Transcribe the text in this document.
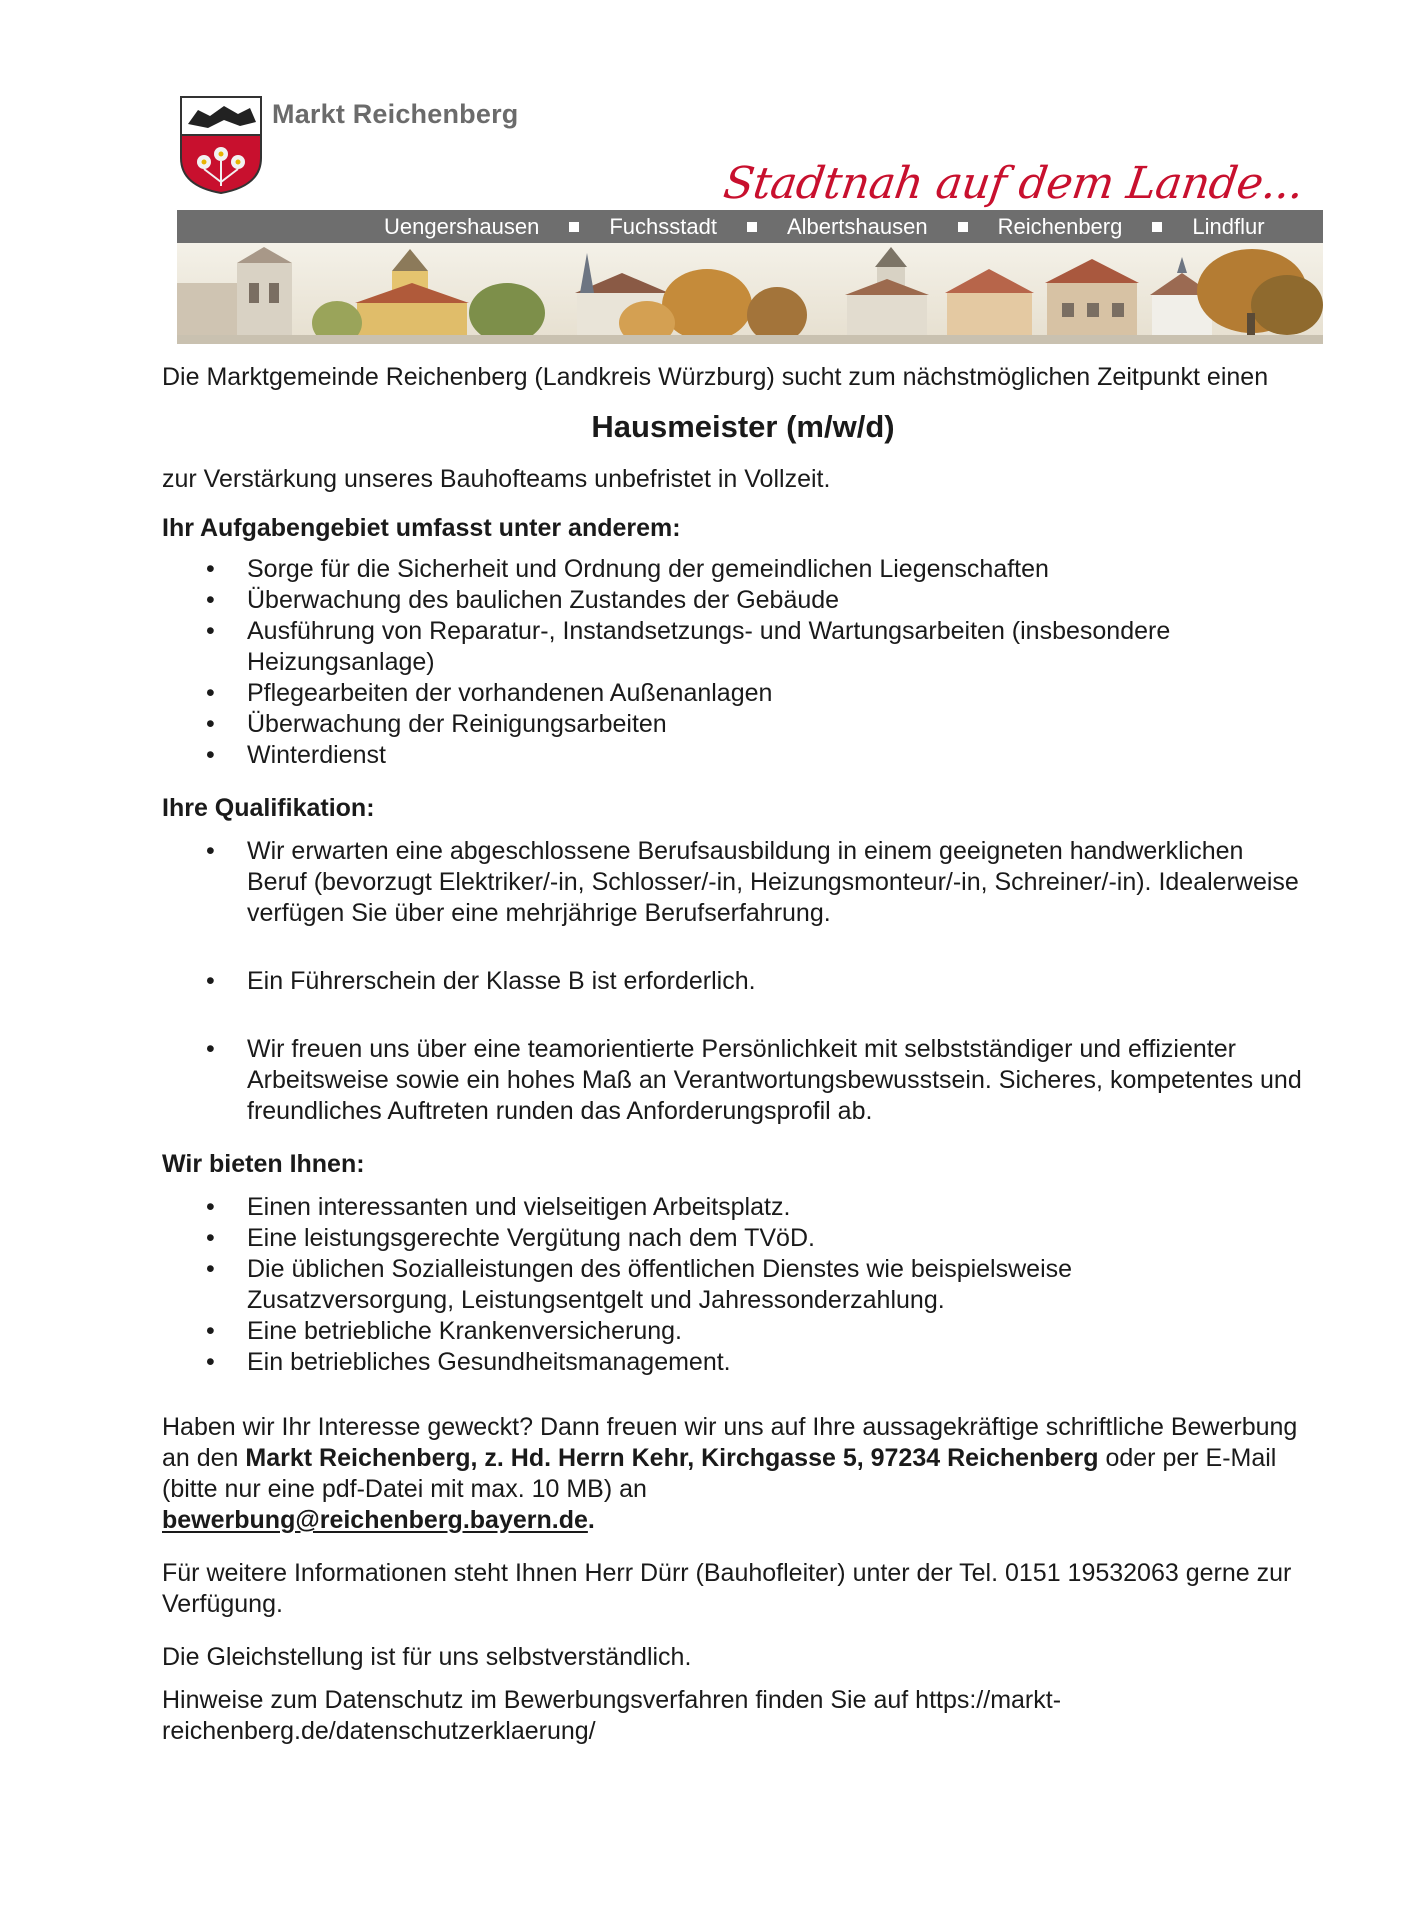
Markt Reichenberg
Stadtnah auf dem Lande...
Uengershausen	Fuchsstadt	Albertshausen	Reichenberg	Lindflur

Die Marktgemeinde Reichenberg (Landkreis Würzburg) sucht zum nächstmöglichen Zeitpunkt einen

Hausmeister (m/w/d)

zur Verstärkung unseres Bauhofteams unbefristet in Vollzeit.

Ihr Aufgabengebiet umfasst unter anderem:

• Sorge für die Sicherheit und Ordnung der gemeindlichen Liegenschaften
• Überwachung des baulichen Zustandes der Gebäude
• Ausführung von Reparatur-, Instandsetzungs- und Wartungsarbeiten (insbesondere Heizungsanlage)
• Pflegearbeiten der vorhandenen Außenanlagen
• Überwachung der Reinigungsarbeiten
• Winterdienst

Ihre Qualifikation:

• Wir erwarten eine abgeschlossene Berufsausbildung in einem geeigneten handwerklichen Beruf (bevorzugt Elektriker/-in, Schlosser/-in, Heizungsmonteur/-in, Schreiner/-in). Idealerweise verfügen Sie über eine mehrjährige Berufserfahrung.
• Ein Führerschein der Klasse B ist erforderlich.
• Wir freuen uns über eine teamorientierte Persönlichkeit mit selbstständiger und effizienter Arbeitsweise sowie ein hohes Maß an Verantwortungsbewusstsein. Sicheres, kompetentes und freundliches Auftreten runden das Anforderungsprofil ab.

Wir bieten Ihnen:

• Einen interessanten und vielseitigen Arbeitsplatz.
• Eine leistungsgerechte Vergütung nach dem TVöD.
• Die üblichen Sozialleistungen des öffentlichen Dienstes wie beispielsweise Zusatzversorgung, Leistungsentgelt und Jahressonderzahlung.
• Eine betriebliche Krankenversicherung.
• Ein betriebliches Gesundheitsmanagement.

Haben wir Ihr Interesse geweckt? Dann freuen wir uns auf Ihre aussagekräftige schriftliche Bewerbung an den Markt Reichenberg, z. Hd. Herrn Kehr, Kirchgasse 5, 97234 Reichenberg oder per E-Mail (bitte nur eine pdf-Datei mit max. 10 MB) an
bewerbung@reichenberg.bayern.de.

Für weitere Informationen steht Ihnen Herr Dürr (Bauhofleiter) unter der Tel. 0151 19532063 gerne zur Verfügung.

Die Gleichstellung ist für uns selbstverständlich.

Hinweise zum Datenschutz im Bewerbungsverfahren finden Sie auf https://markt-reichenberg.de/datenschutzerklaerung/
